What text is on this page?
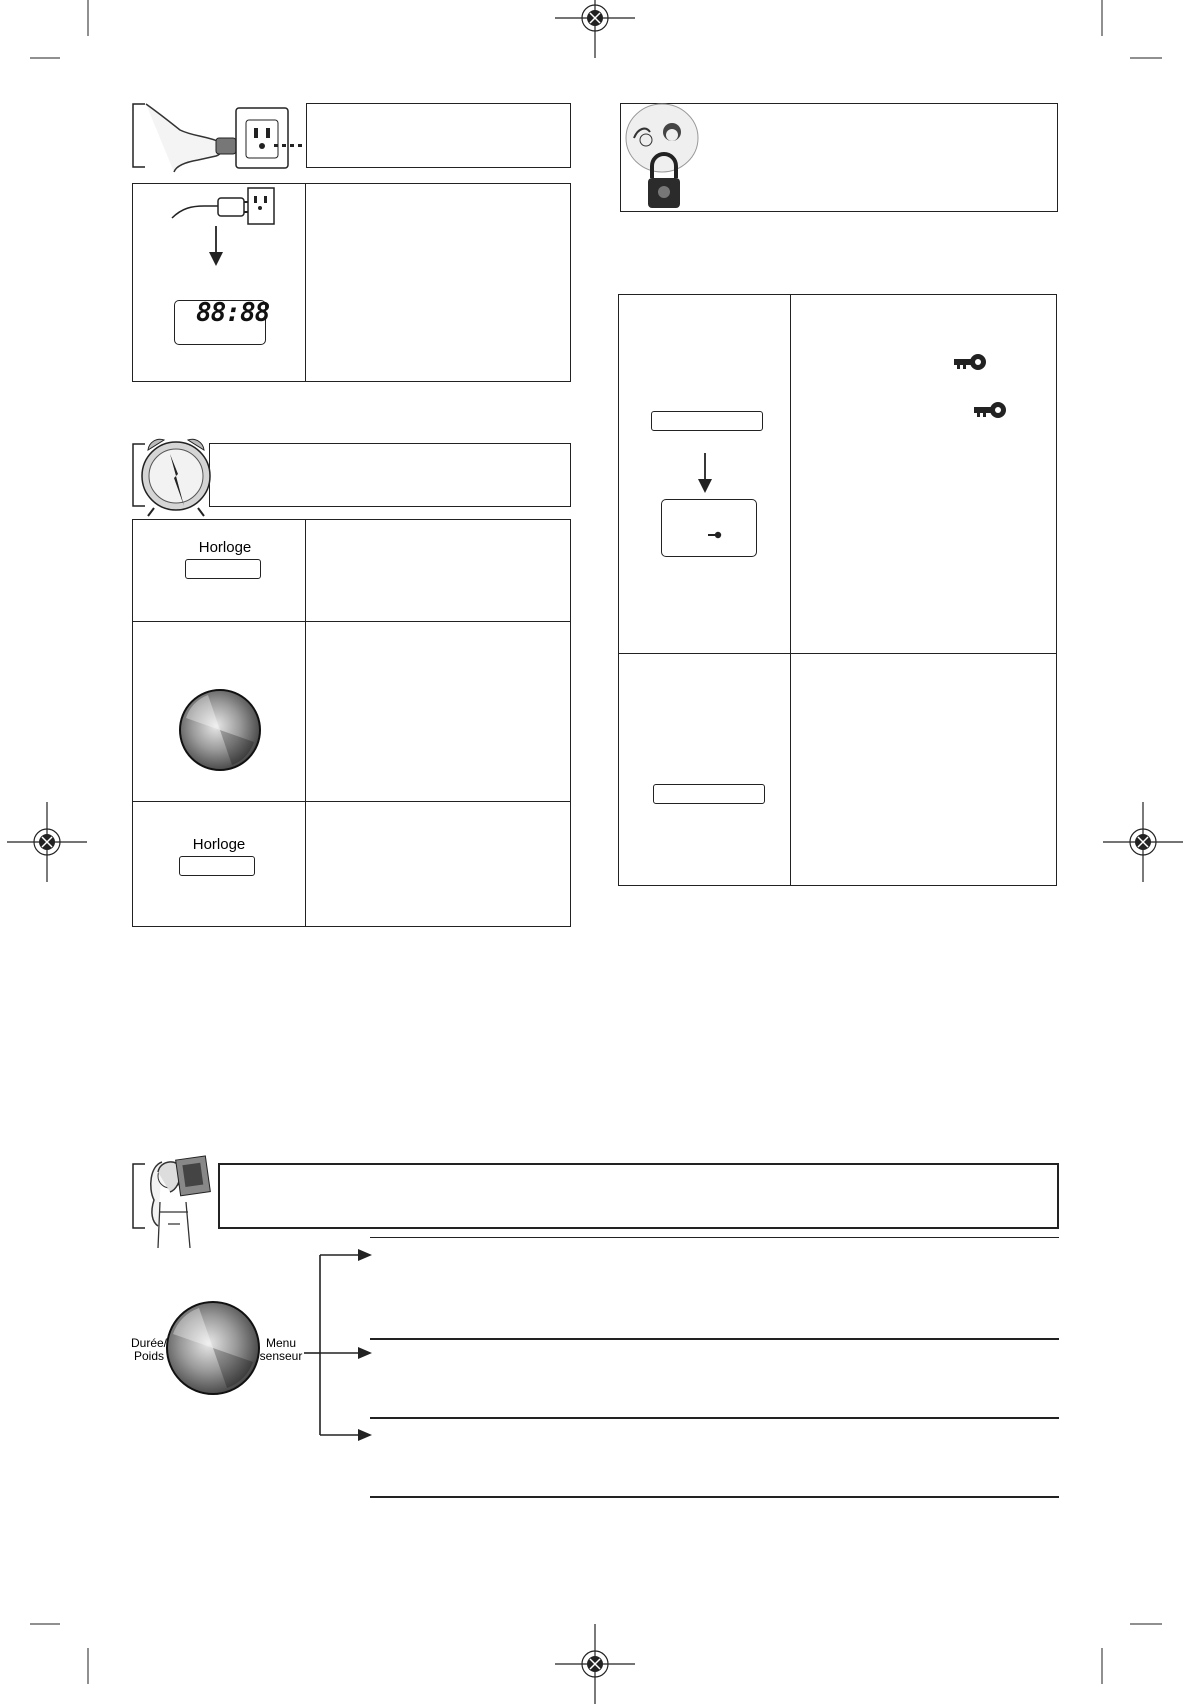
88:88
Horloge
Horloge
Durée/
Poids
Menu
senseur
